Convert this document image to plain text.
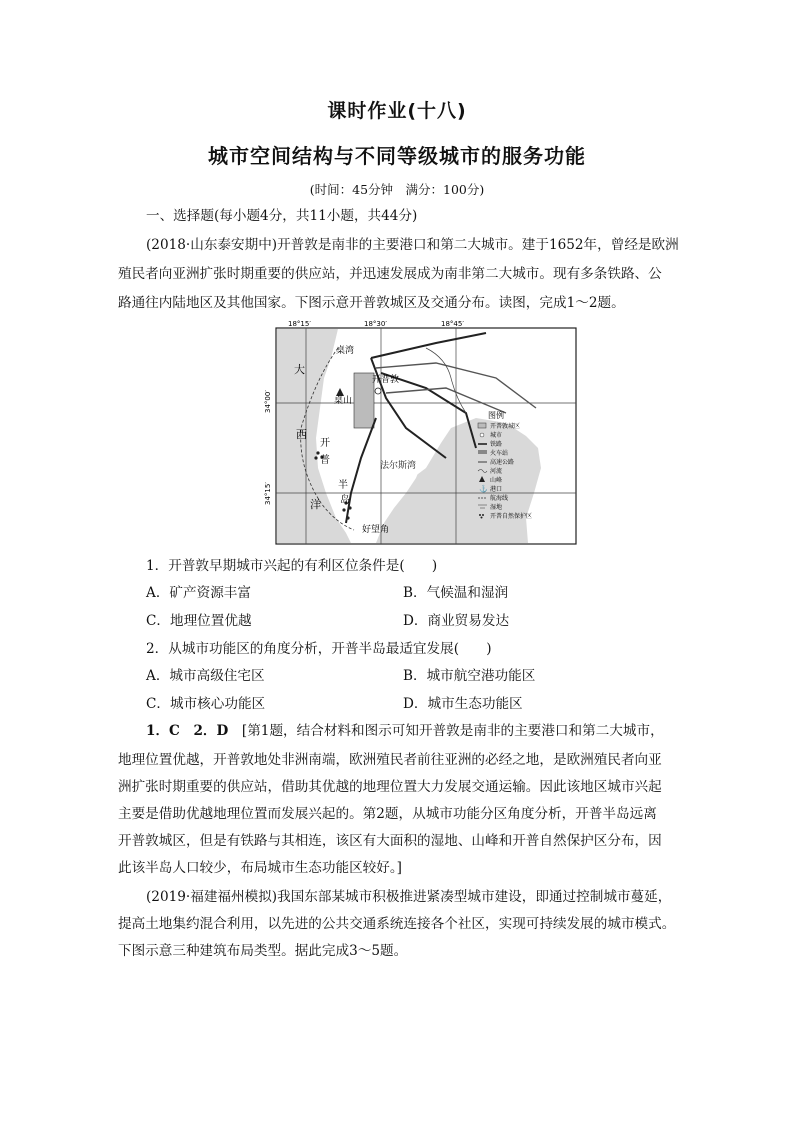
课时作业(十八)
城市空间结构与不同等级城市的服务功能
(时间：45分钟　满分：100分)
一、选择题(每小题4分，共11小题，共44分)
(2018·山东泰安期中)开普敦是南非的主要港口和第二大城市。建于1652年，曾经是欧洲
殖民者向亚洲扩张时期重要的供应站，并迅速发展成为南非第二大城市。现有多条铁路、公
路通往内陆地区及其他国家。下图示意开普敦城区及交通分布。读图，完成1～2题。
18°15′	18°30′	18°45′
34°00′
34°15′
桌湾
桌山
开普敦
大
西
洋
开
普
半
岛
法尔斯湾
好望角
图例
开普敦城区
城市
铁路
火车站
高速公路
河流
山峰
⚓ 港口
航海线
湿地
开普自然保护区
1．开普敦早期城市兴起的有利区位条件是(　　)
A．矿产资源丰富	B．气候温和湿润
C．地理位置优越	D．商业贸易发达
2．从城市功能区的角度分析，开普半岛最适宜发展(　　)
A．城市高级住宅区	B．城市航空港功能区
C．城市核心功能区	D．城市生态功能区
1．C　2．D　 [第1题，结合材料和图示可知开普敦是南非的主要港口和第二大城市，
地理位置优越，开普敦地处非洲南端，欧洲殖民者前往亚洲的必经之地，是欧洲殖民者向亚
洲扩张时期重要的供应站，借助其优越的地理位置大力发展交通运输。因此该地区城市兴起
主要是借助优越地理位置而发展兴起的。第2题，从城市功能分区角度分析，开普半岛远离
开普敦城区，但是有铁路与其相连，该区有大面积的湿地、山峰和开普自然保护区分布，因
此该半岛人口较少，布局城市生态功能区较好。]
(2019·福建福州模拟)我国东部某城市积极推进紧凑型城市建设，即通过控制城市蔓延，
提高土地集约混合利用，以先进的公共交通系统连接各个社区，实现可持续发展的城市模式。
下图示意三种建筑布局类型。据此完成3～5题。
